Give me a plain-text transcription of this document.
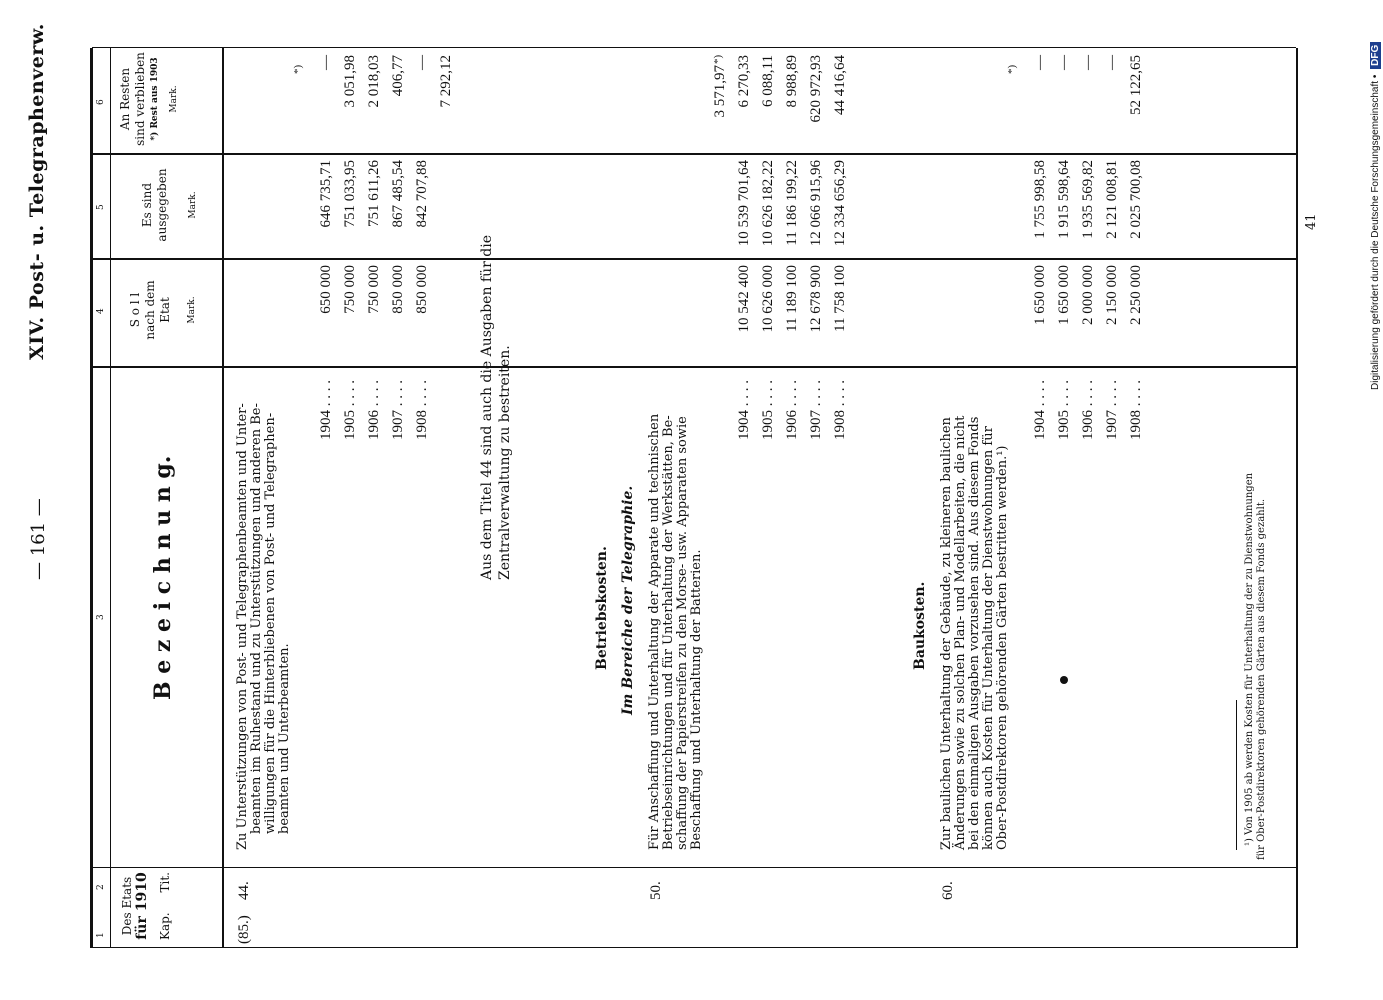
— 161 —
XIV. Post- u. Telegraphenverw.
1
2
3
4
5
6
Des Etats für 1910 Kap.
Tit.
B e z e i c h n u n g.
S o l l nach dem Etat Mark.
Es sind ausgegeben Mark.
An Resten sind verblieben *) Rest aus 1903	Mark.
(85.)
44.
Zu Unterstützungen von Post- und Telegraphenbeamten und Unter- beamten im Ruhestand und zu Unterstützungen und anderen Be- willigungen für die Hinterbliebenen von Post- und Telegraphen- beamten und Unterbeamten.
1904 . . . . 1905 . . . . 1906 . . . . 1907 . . . . 1908 . . . .
650 000 750 000 750 000 850 000 850 000
646 735,71 751 033,95 751 611,26 867 485,54 842 707,88
*) — 3 051,98 2 018,03 406,77 — 7 292,12
Aus dem Titel 44 sind auch die Ausgaben für die Zentralverwaltung zu bestreiten.
Betriebskosten. Im Bereiche der Telegraphie.
50.
Für Anschaffung und Unterhaltung der Apparate und technischen Betriebseinrichtungen und für Unterhaltung der Werkstätten, Be- schaffung der Papierstreifen zu den Morse- usw. Apparaten sowie Beschaffung und Unterhaltung der Batterien.
1904 . . . . 1905 . . . . 1906 . . . . 1907 . . . . 1908 . . . .
10 542 400 10 626 000 11 189 100 12 678 900 11 758 100
10 539 701,64 10 626 182,22 11 186 199,22 12 066 915,96 12 334 656,29
*)
3 571,97 6 270,33 6 088,11 8 988,89 620 972,93 44 416,64
Baukosten.
60.
Zur baulichen Unterhaltung der Gebäude, zu kleineren baulichen Änderungen sowie zu solchen Plan- und Modellarbeiten, die nicht bei den einmaligen Ausgaben vorzusehen sind. Aus diesem Fonds können auch Kosten für Unterhaltung der Dienstwohnungen für Ober-Postdirektoren gehörenden Gärten bestritten werden.¹)
1904 . . . . 1905 . . . . 1906 . . . . 1907 . . . . 1908 . . . .
1 650 000 1 650 000 2 000 000 2 150 000 2 250 000
1 755 998,58 1 915 598,64 1 935 569,82 2 121 008,81 2 025 700,08
*) — — — — 52 122,65
¹) Von 1905 ab werden Kosten für Unterhaltung der zu Dienstwohnungen für Ober-Postdirektoren gehörenden Gärten aus diesem Fonds gezahlt.
41	Digitalisierung gefördert durch die Deutsche Forschungsgemeinschaft • DFG
